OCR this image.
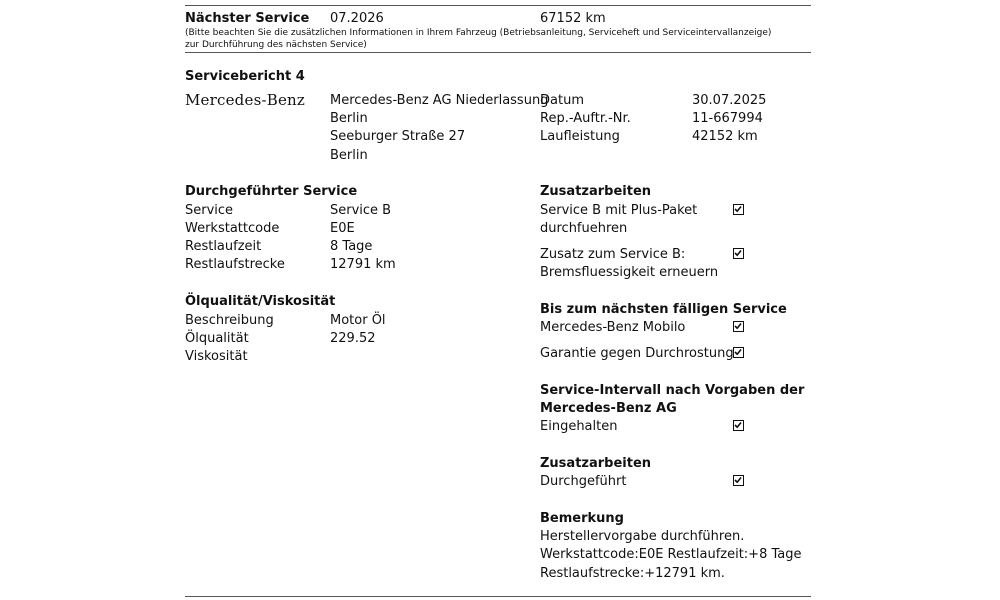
Nächster Service 07.2026	67152 km
(Bitte beachten Sie die zusätzlichen Informationen in Ihrem Fahrzeug (Betriebsanleitung, Serviceheft und Serviceintervallanzeige) zur Durchführung des nächsten Service)
Servicebericht 4
Mercedes-Benz Mercedes-Benz AG Niederlassung
Berlin
Seeburger Straße 27
Berlin
Datum	30.07.2025
Rep.-Auftr.-Nr.	11-667994
Laufleistung	42152 km
Durchgeführter Service
Service	Service B
Werkstattcode	E0E
Restlaufzeit	8 Tage
Restlaufstrecke	12791 km
Ölqualität/Viskosität
Beschreibung	Motor Öl
Ölqualität	229.52
Viskosität
Zusatzarbeiten
Service B mit Plus-Paket
durchfuehren
Zusatz zum Service B:
Bremsfluessigkeit erneuern
Bis zum nächsten fälligen Service
Mercedes-Benz Mobilo
Garantie gegen Durchrostung
Service-Intervall nach Vorgaben der
Mercedes-Benz AG
Eingehalten
Zusatzarbeiten
Durchgeführt
Bemerkung
Herstellervorgabe durchführen.
Werkstattcode:E0E Restlaufzeit:+8 Tage
Restlaufstrecke:+12791 km.
